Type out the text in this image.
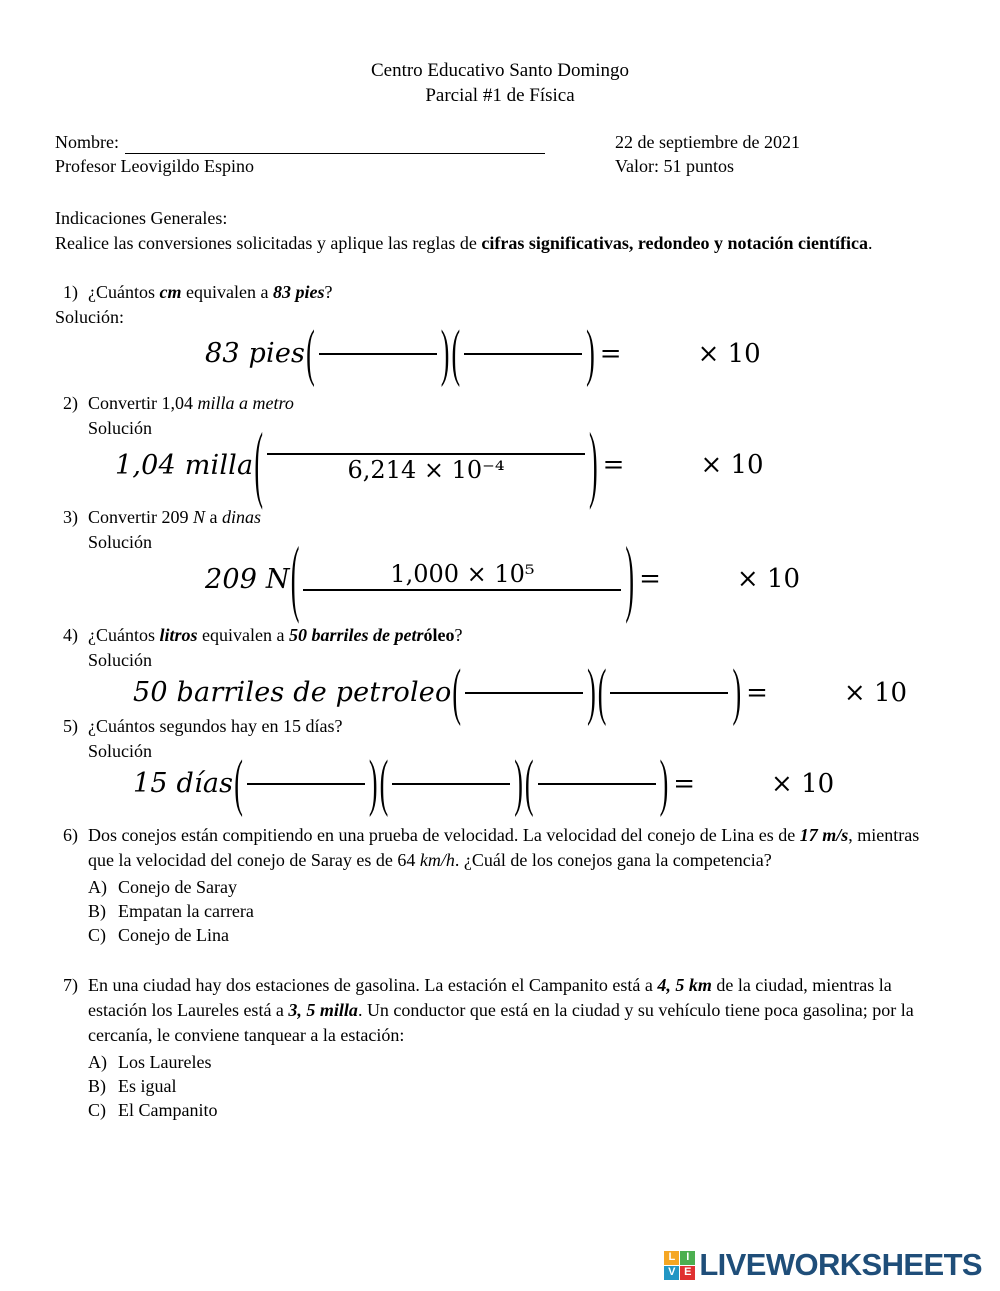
Centro Educativo Santo Domingo
Parcial #1 de Física
Nombre:
Profesor Leovigildo Espino
22 de septiembre de 2021
Valor: 51 puntos
Indicaciones Generales:
Realice las conversiones solicitadas y aplique las reglas de cifras significativas, redondeo y notación científica.
1) ¿Cuántos cm equivalen a 83 pies?
Solución:
83 pies (	) (	) =	× 10
2) Convertir 1,04 milla a metro
Solución
1,04 milla (	6,214 × 10⁻⁴	) =	× 10
3) Convertir 209 N a dinas
Solución
209 N (	1,000 × 10⁵	) =	× 10
4) ¿Cuántos litros equivalen a 50 barriles de petróleo?
Solución
50 barriles de petroleo (	) (	) =	× 10
5) ¿Cuántos segundos hay en 15 días?
Solución
15 días (	) (	) (	) =	× 10
6) Dos conejos están compitiendo en una prueba de velocidad. La velocidad del conejo de Lina es de 17 m/s, mientras que la velocidad del conejo de Saray es de 64 km/h. ¿Cuál de los conejos gana la competencia?
A) Conejo de Saray
B) Empatan la carrera
C) Conejo de Lina
7) En una ciudad hay dos estaciones de gasolina. La estación el Campanito está a 4, 5 km de la ciudad, mientras la estación los Laureles está a 3, 5 milla. Un conductor que está en la ciudad y su vehículo tiene poca gasolina; por la cercanía, le conviene tanquear a la estación:
A) Los Laureles
B) Es igual
C) El Campanito
L	I
V E LIVEWORKSHEETS
